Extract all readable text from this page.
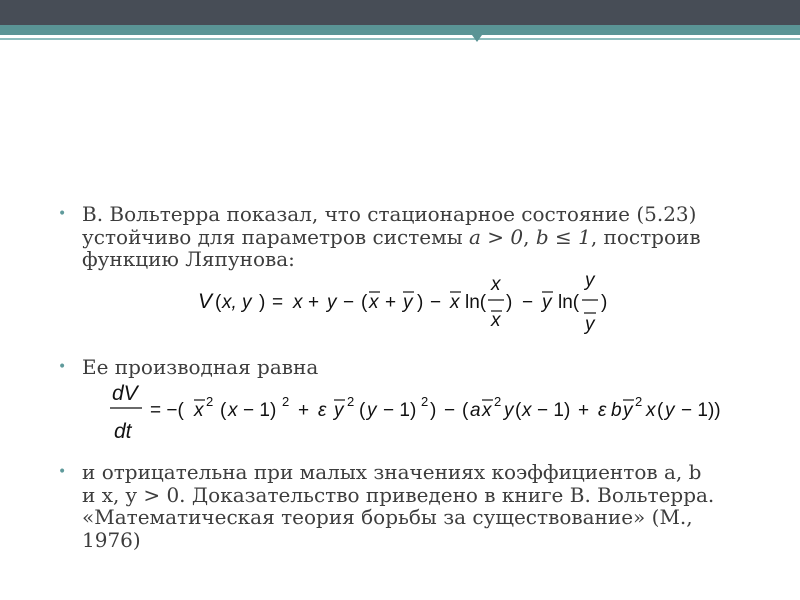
• В. Вольтерра показал, что стационарное состояние (5.23)
устойчиво для параметров системы a > 0, b ≤ 1, построив
функцию Ляпунова:
V ( x, y ) = x + y − ( x + y ) − x ln(
x
x
) − y ln(
y
y
)
• Ее производная равна
dV
dt
= −( x 2 ( x − 1) 2 + ε y 2 ( y − 1) 2 ) − ( a x 2 y ( x − 1) + ε b y 2 x ( y − 1))
• и отрицательна при малых значениях коэффициентов a, b
и x, y > 0. Доказательство приведено в книге В. Вольтерра.
«Математическая теория борьбы за существование» (М.,
1976)
